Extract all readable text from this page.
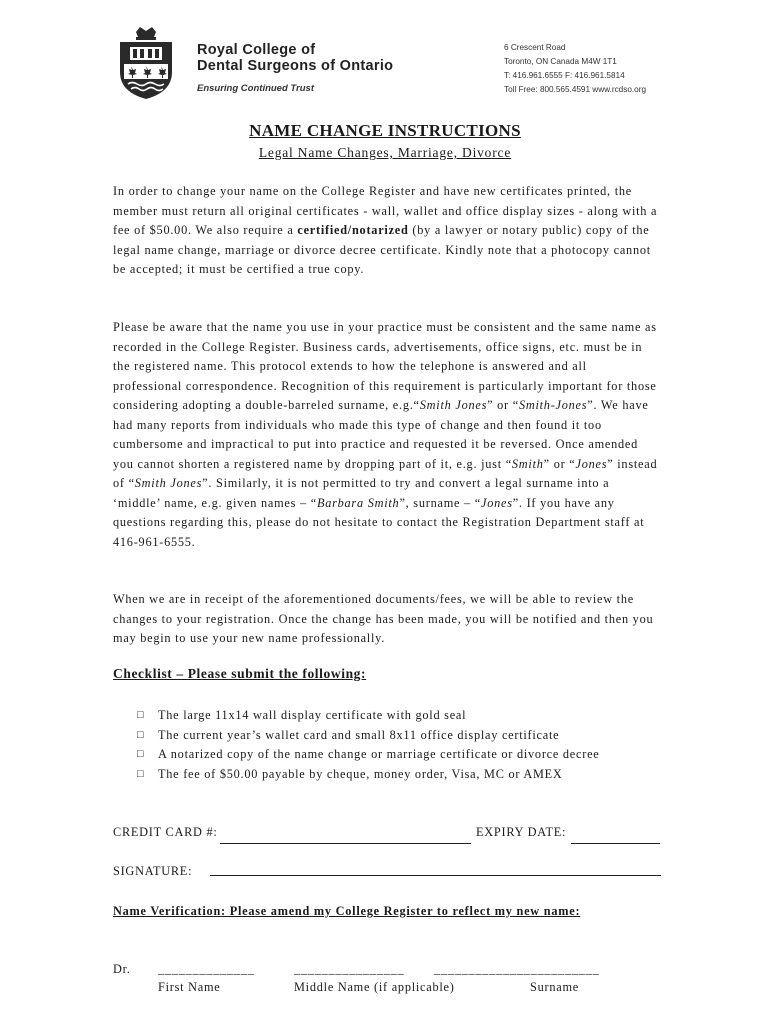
Royal College of
Dental Surgeons of Ontario
Ensuring Continued Trust
6 Crescent Road
Toronto, ON Canada M4W 1T1
T: 416.961.6555 F: 416.961.5814
Toll Free: 800.565.4591 www.rcdso.org
NAME CHANGE INSTRUCTIONS
Legal Name Changes, Marriage, Divorce

In order to change your name on the College Register and have new certificates printed, the member must return all original certificates - wall, wallet and office display sizes - along with a fee of $50.00. We also require a certified/notarized (by a lawyer or notary public) copy of the legal name change, marriage or divorce decree certificate. Kindly note that a photocopy cannot be accepted; it must be certified a true copy.

Please be aware that the name you use in your practice must be consistent and the same name as recorded in the College Register. Business cards, advertisements, office signs, etc. must be in the registered name. This protocol extends to how the telephone is answered and all professional correspondence. Recognition of this requirement is particularly important for those considering adopting a double-barreled surname, e.g.“Smith Jones” or “Smith-Jones”. We have had many reports from individuals who made this type of change and then found it too cumbersome and impractical to put into practice and requested it be reversed. Once amended you cannot shorten a registered name by dropping part of it, e.g. just “Smith” or “Jones” instead of “Smith Jones”. Similarly, it is not permitted to try and convert a legal surname into a ‘middle’ name, e.g. given names – “Barbara Smith”, surname – “Jones”. If you have any questions regarding this, please do not hesitate to contact the Registration Department staff at 416-961-6555.

When we are in receipt of the aforementioned documents/fees, we will be able to review the changes to your registration. Once the change has been made, you will be notified and then you may begin to use your new name professionally.

Checklist – Please submit the following:
□ The large 11x14 wall display certificate with gold seal
□ The current year’s wallet card and small 8x11 office display certificate
□ A notarized copy of the name change or marriage certificate or divorce decree
□ The fee of $50.00 payable by cheque, money order, Visa, MC or AMEX
CREDIT CARD #:	EXPIRY DATE:
SIGNATURE:
Name Verification: Please amend my College Register to reflect my new name:
Dr. ______________	________________ ________________________
First Name	Middle Name (if applicable)	Surname
